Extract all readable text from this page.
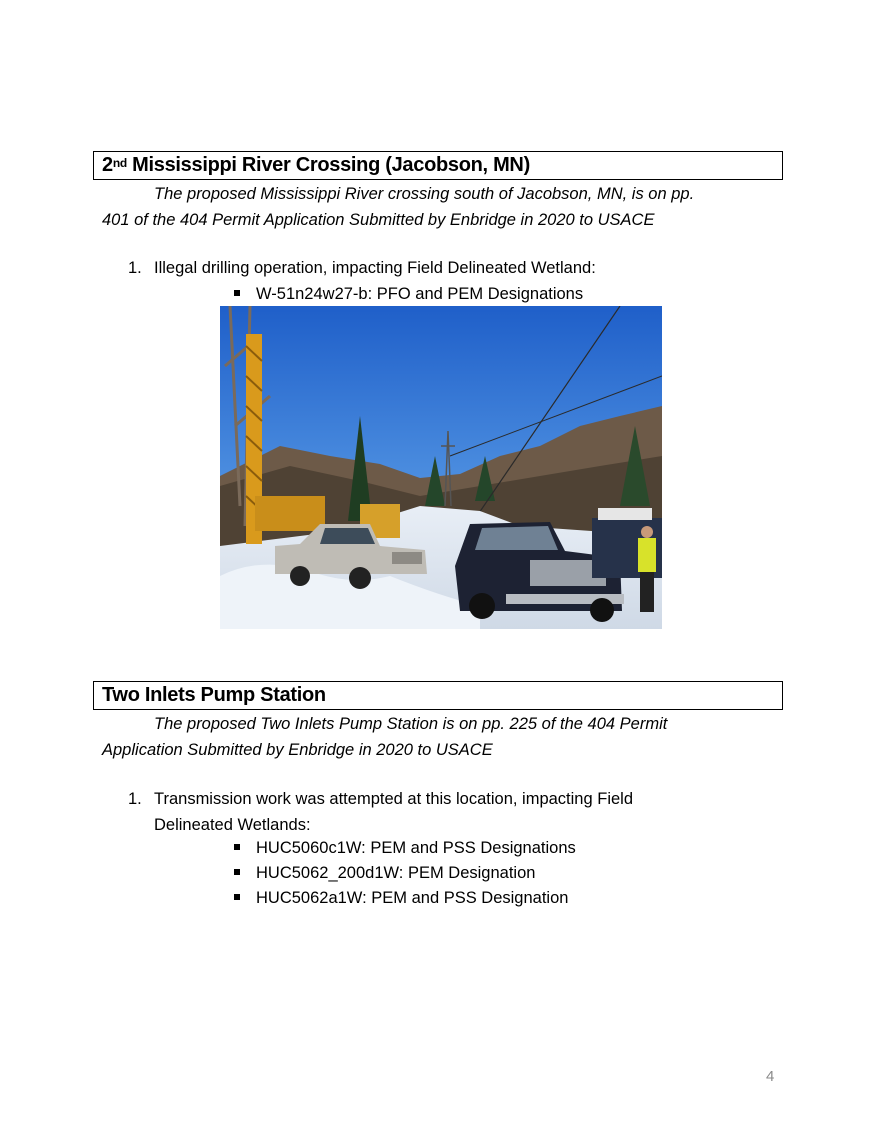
2nd Mississippi River Crossing (Jacobson, MN)
The proposed Mississippi River crossing south of Jacobson, MN, is on pp.
401 of the 404 Permit Application Submitted by Enbridge in 2020 to USACE
1. Illegal drilling operation, impacting Field Delineated Wetland:
W-51n24w27-b: PFO and PEM Designations
Two Inlets Pump Station
The proposed Two Inlets Pump Station is on pp. 225 of the 404 Permit
Application Submitted by Enbridge in 2020 to USACE
1. Transmission work was attempted at this location, impacting Field
Delineated Wetlands:
HUC5060c1W: PEM and PSS Designations
HUC5062_200d1W: PEM Designation
HUC5062a1W: PEM and PSS Designation
4
